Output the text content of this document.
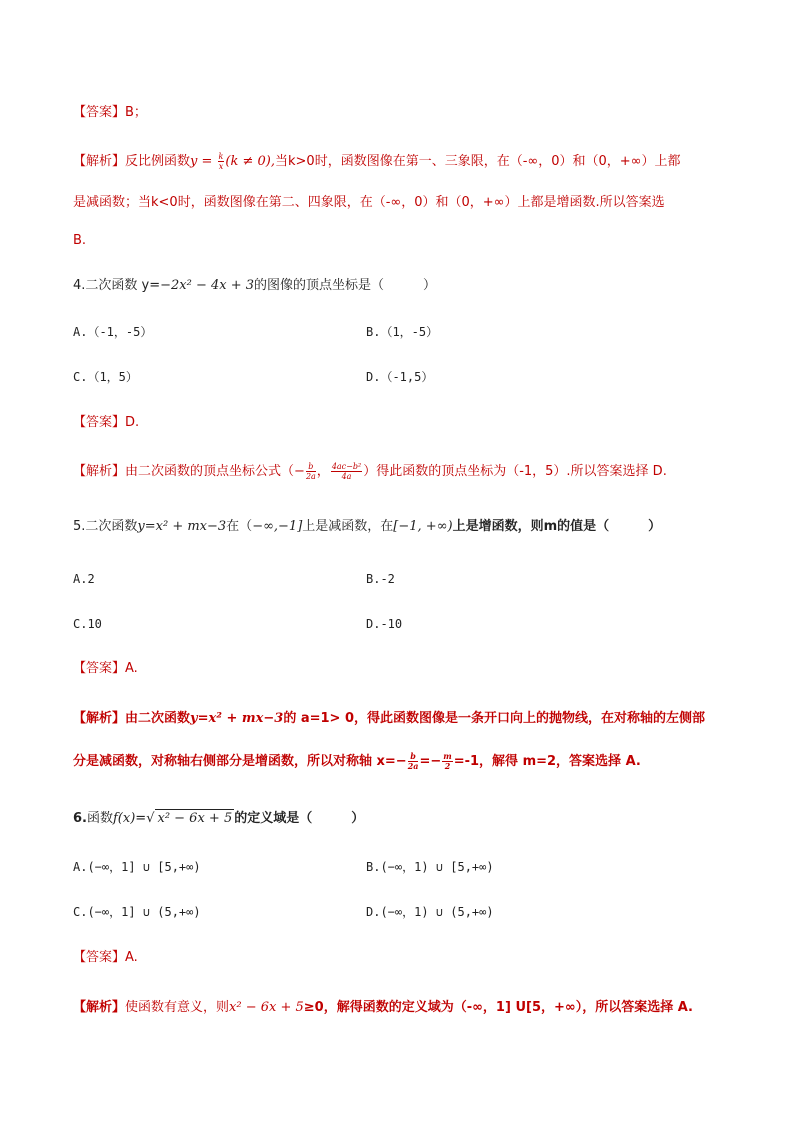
【答案】B；
【解析】反比例函数$y = \frac{k}{x} (k \ne 0)$,当k>0时，函数图像在第一、三象限，在（-∞，0）和（0，+∞）上都
是减函数；当k<0时，函数图像在第二、四象限，在（-∞，0）和（0，+∞）上都是增函数.所以答案选
B.
4.二次函数 y=−2x² − 4x + 3的图像的顶点坐标是（　　　）
A.（-1，-5）	B.（1，-5）
C.（1，5）	D.（-1,5）
【答案】D.
【解析】由二次函数的顶点坐标公式（− $\frac{b}{2a}$ ， $\frac{\text{4ac−b²}}{4a}$ ）得此函数的顶点坐标为（-1，5）.所以答案选择 D.
5.二次函数y=x² + mx−3在（−∞,−1]上是减函数，在[−1, +∞)上是增函数，则m的值是（　　　）
A.2	B.-2
C.10	D.-10
【答案】A.
【解析】由二次函数y=x² + mx−3的 a=1> 0，得此函数图像是一条开口向上的抛物线，在对称轴的左侧部
分是减函数，对称轴右侧部分是增函数，所以对称轴 $x=- \frac{b}{2a} =- \frac{m}{2} =-1$，解得 m=2，答案选择 A.
6.函数f(x)=√ x² − 6x + 5 的定义域是（　　　）
A.(−∞，1] ∪ [5,+∞)	B.(−∞，1) ∪ [5,+∞)
C.(−∞，1] ∪ (5,+∞)	D.(−∞，1) ∪ (5,+∞)
【答案】A.
【解析】使函数有意义，则x² − 6x + 5≥0，解得函数的定义域为（-∞，1] U[5，+∞），所以答案选择 A.
